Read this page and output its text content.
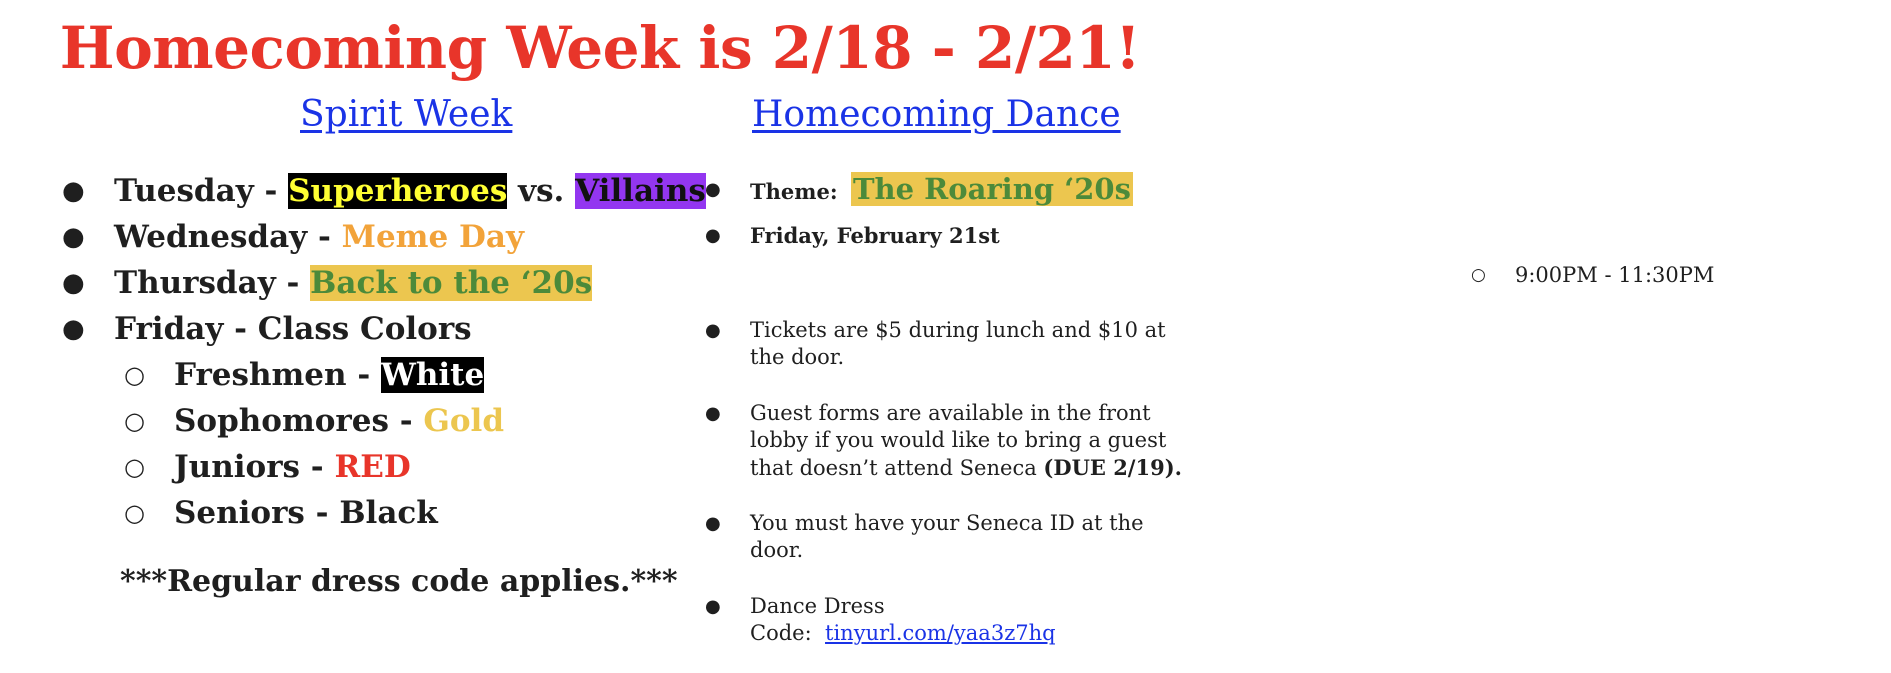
Homecoming Week is 2/18 - 2/21!
Spirit Week	Homecoming Dance
● Tuesday - Superheroes vs. Villains
● Wednesday - Meme Day
● Thursday - Back to the ‘20s
● Friday - Class Colors
○ Freshmen - White
○ Sophomores - Gold
○ Juniors - RED
○ Seniors - Black
***Regular dress code applies.***
● Theme: The Roaring ‘20s
● Friday, February 21st
○ 9:00PM - 11:30PM
● Tickets are $5 during lunch and $10 at the door.
● Guest forms are available in the front lobby if you would like to bring a guest that doesn’t attend Seneca (DUE 2/19).
● You must have your Seneca ID at the door.
● Dance Dress Code: tinyurl.com/yaa3z7hq
